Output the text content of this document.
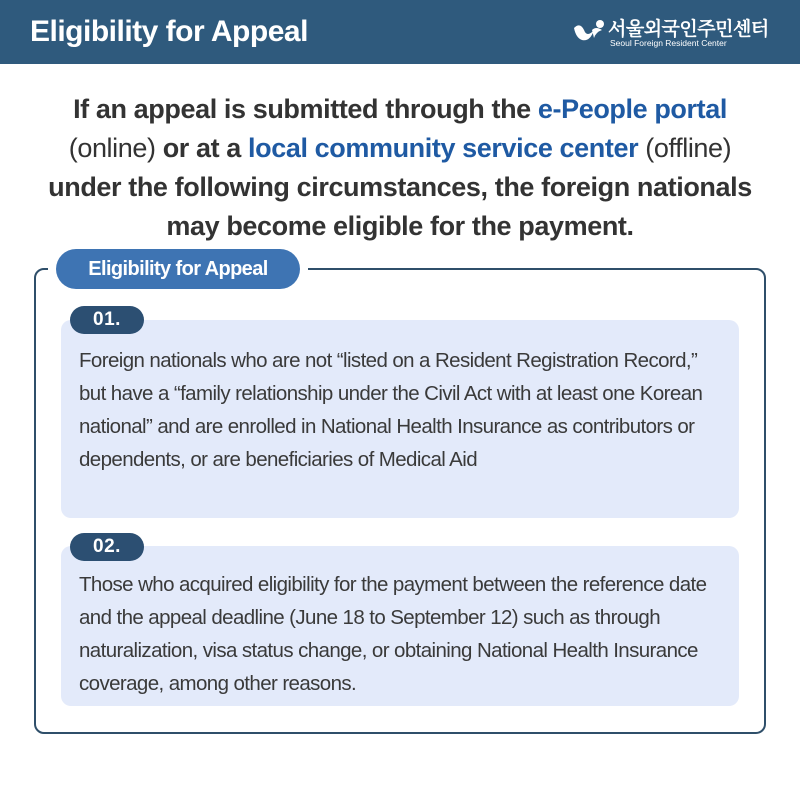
Eligibility for Appeal	서울외국인주민센터
Seoul Foreign Resident Center
If an appeal is submitted through the e-People portal (online) or at a local community service center (offline) under the following circumstances, the foreign nationals may become eligible for the payment.
Eligibility for Appeal
Foreign nationals who are not “listed on a Resident Registration Record,” but have a “family relationship under the Civil Act with at least one Korean national” and are enrolled in National Health Insurance as contributors or dependents, or are beneficiaries of Medical Aid
01.
Those who acquired eligibility for the payment between the reference date and the appeal deadline (June 18 to September 12) such as through naturalization, visa status change, or obtaining National Health Insurance coverage, among other reasons.
02.
